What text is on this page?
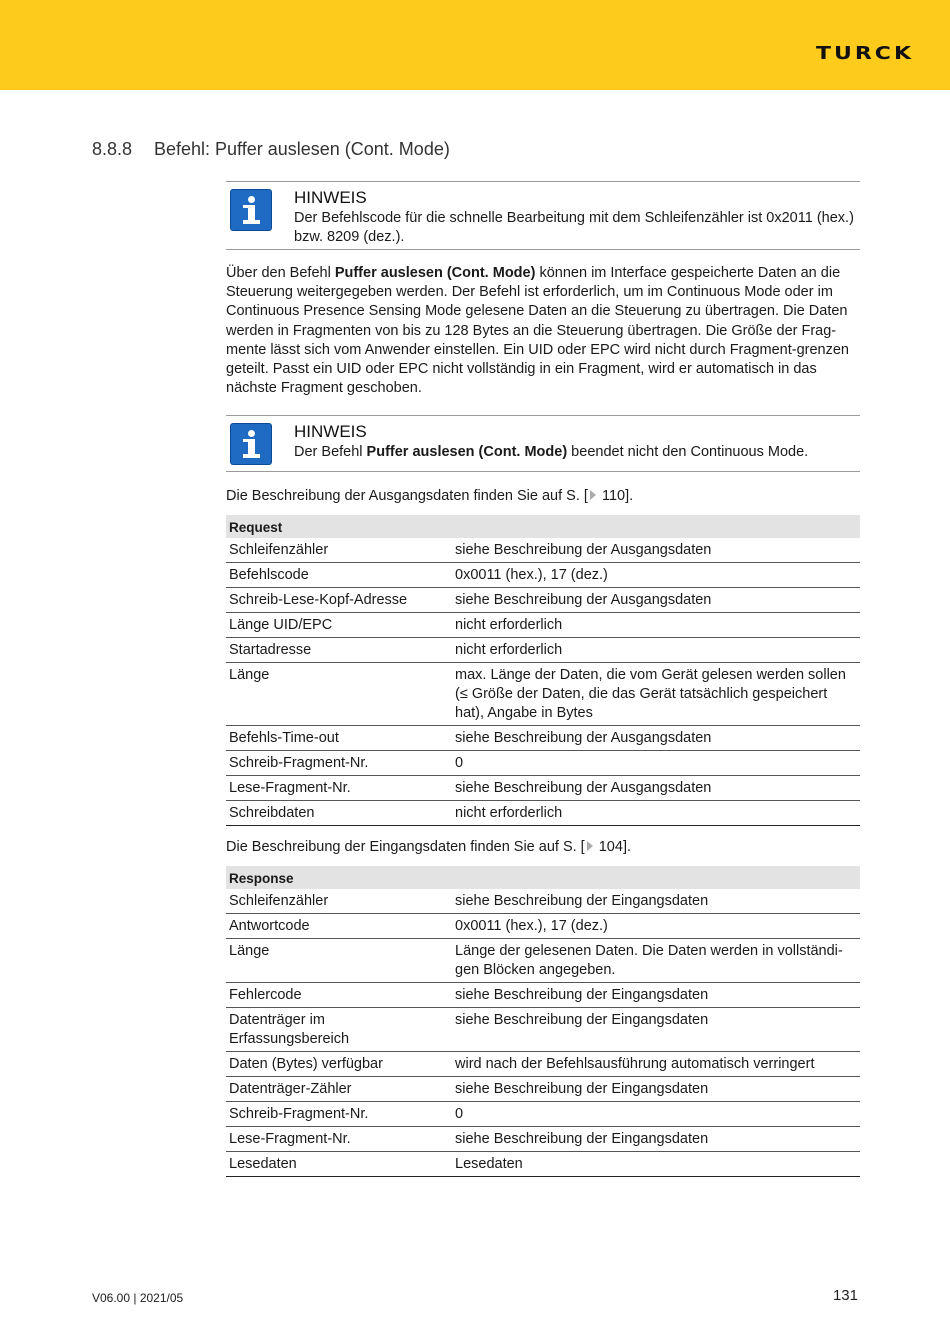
TURCK
8.8.8 Befehl: Puffer auslesen (Cont. Mode)
HINWEIS
Der Befehlscode für die schnelle Bearbeitung mit dem Schleifenzähler ist 0x2011 (hex.) bzw. 8209 (dez.).
Über den Befehl Puffer auslesen (Cont. Mode) können im Interface gespeicherte Daten an die Steuerung weitergegeben werden. Der Befehl ist erforderlich, um im Continuous Mode oder im Continuous Presence Sensing Mode gelesene Daten an die Steuerung zu übertragen. Die Daten werden in Fragmenten von bis zu 128 Bytes an die Steuerung übertragen. Die Größe der Frag-mente lässt sich vom Anwender einstellen. Ein UID oder EPC wird nicht durch Fragment-grenzen geteilt. Passt ein UID oder EPC nicht vollständig in ein Fragment, wird er automatisch in das nächste Fragment geschoben.
HINWEIS
Der Befehl Puffer auslesen (Cont. Mode) beendet nicht den Continuous Mode.
Die Beschreibung der Ausgangsdaten finden Sie auf S. [ 110].
Request	
Schleifenzähler	siehe Beschreibung der Ausgangsdaten
Befehlscode	0x0011 (hex.), 17 (dez.)
Schreib-Lese-Kopf-Adresse	siehe Beschreibung der Ausgangsdaten
Länge UID/EPC	nicht erforderlich
Startadresse	nicht erforderlich
Länge	max. Länge der Daten, die vom Gerät gelesen werden sollen (≤ Größe der Daten, die das Gerät tatsächlich gespeichert hat), Angabe in Bytes
Befehls-Time-out	siehe Beschreibung der Ausgangsdaten
Schreib-Fragment-Nr.	0
Lese-Fragment-Nr.	siehe Beschreibung der Ausgangsdaten
Schreibdaten	nicht erforderlich
Die Beschreibung der Eingangsdaten finden Sie auf S. [ 104].
Response	
Schleifenzähler	siehe Beschreibung der Eingangsdaten
Antwortcode	0x0011 (hex.), 17 (dez.)
Länge	Länge der gelesenen Daten. Die Daten werden in vollständi-gen Blöcken angegeben.
Fehlercode	siehe Beschreibung der Eingangsdaten
Datenträger im Erfassungsbereich	siehe Beschreibung der Eingangsdaten
Daten (Bytes) verfügbar	wird nach der Befehlsausführung automatisch verringert
Datenträger-Zähler	siehe Beschreibung der Eingangsdaten
Schreib-Fragment-Nr.	0
Lese-Fragment-Nr.	siehe Beschreibung der Eingangsdaten
Lesedaten	Lesedaten
V06.00 | 2021/05	131
